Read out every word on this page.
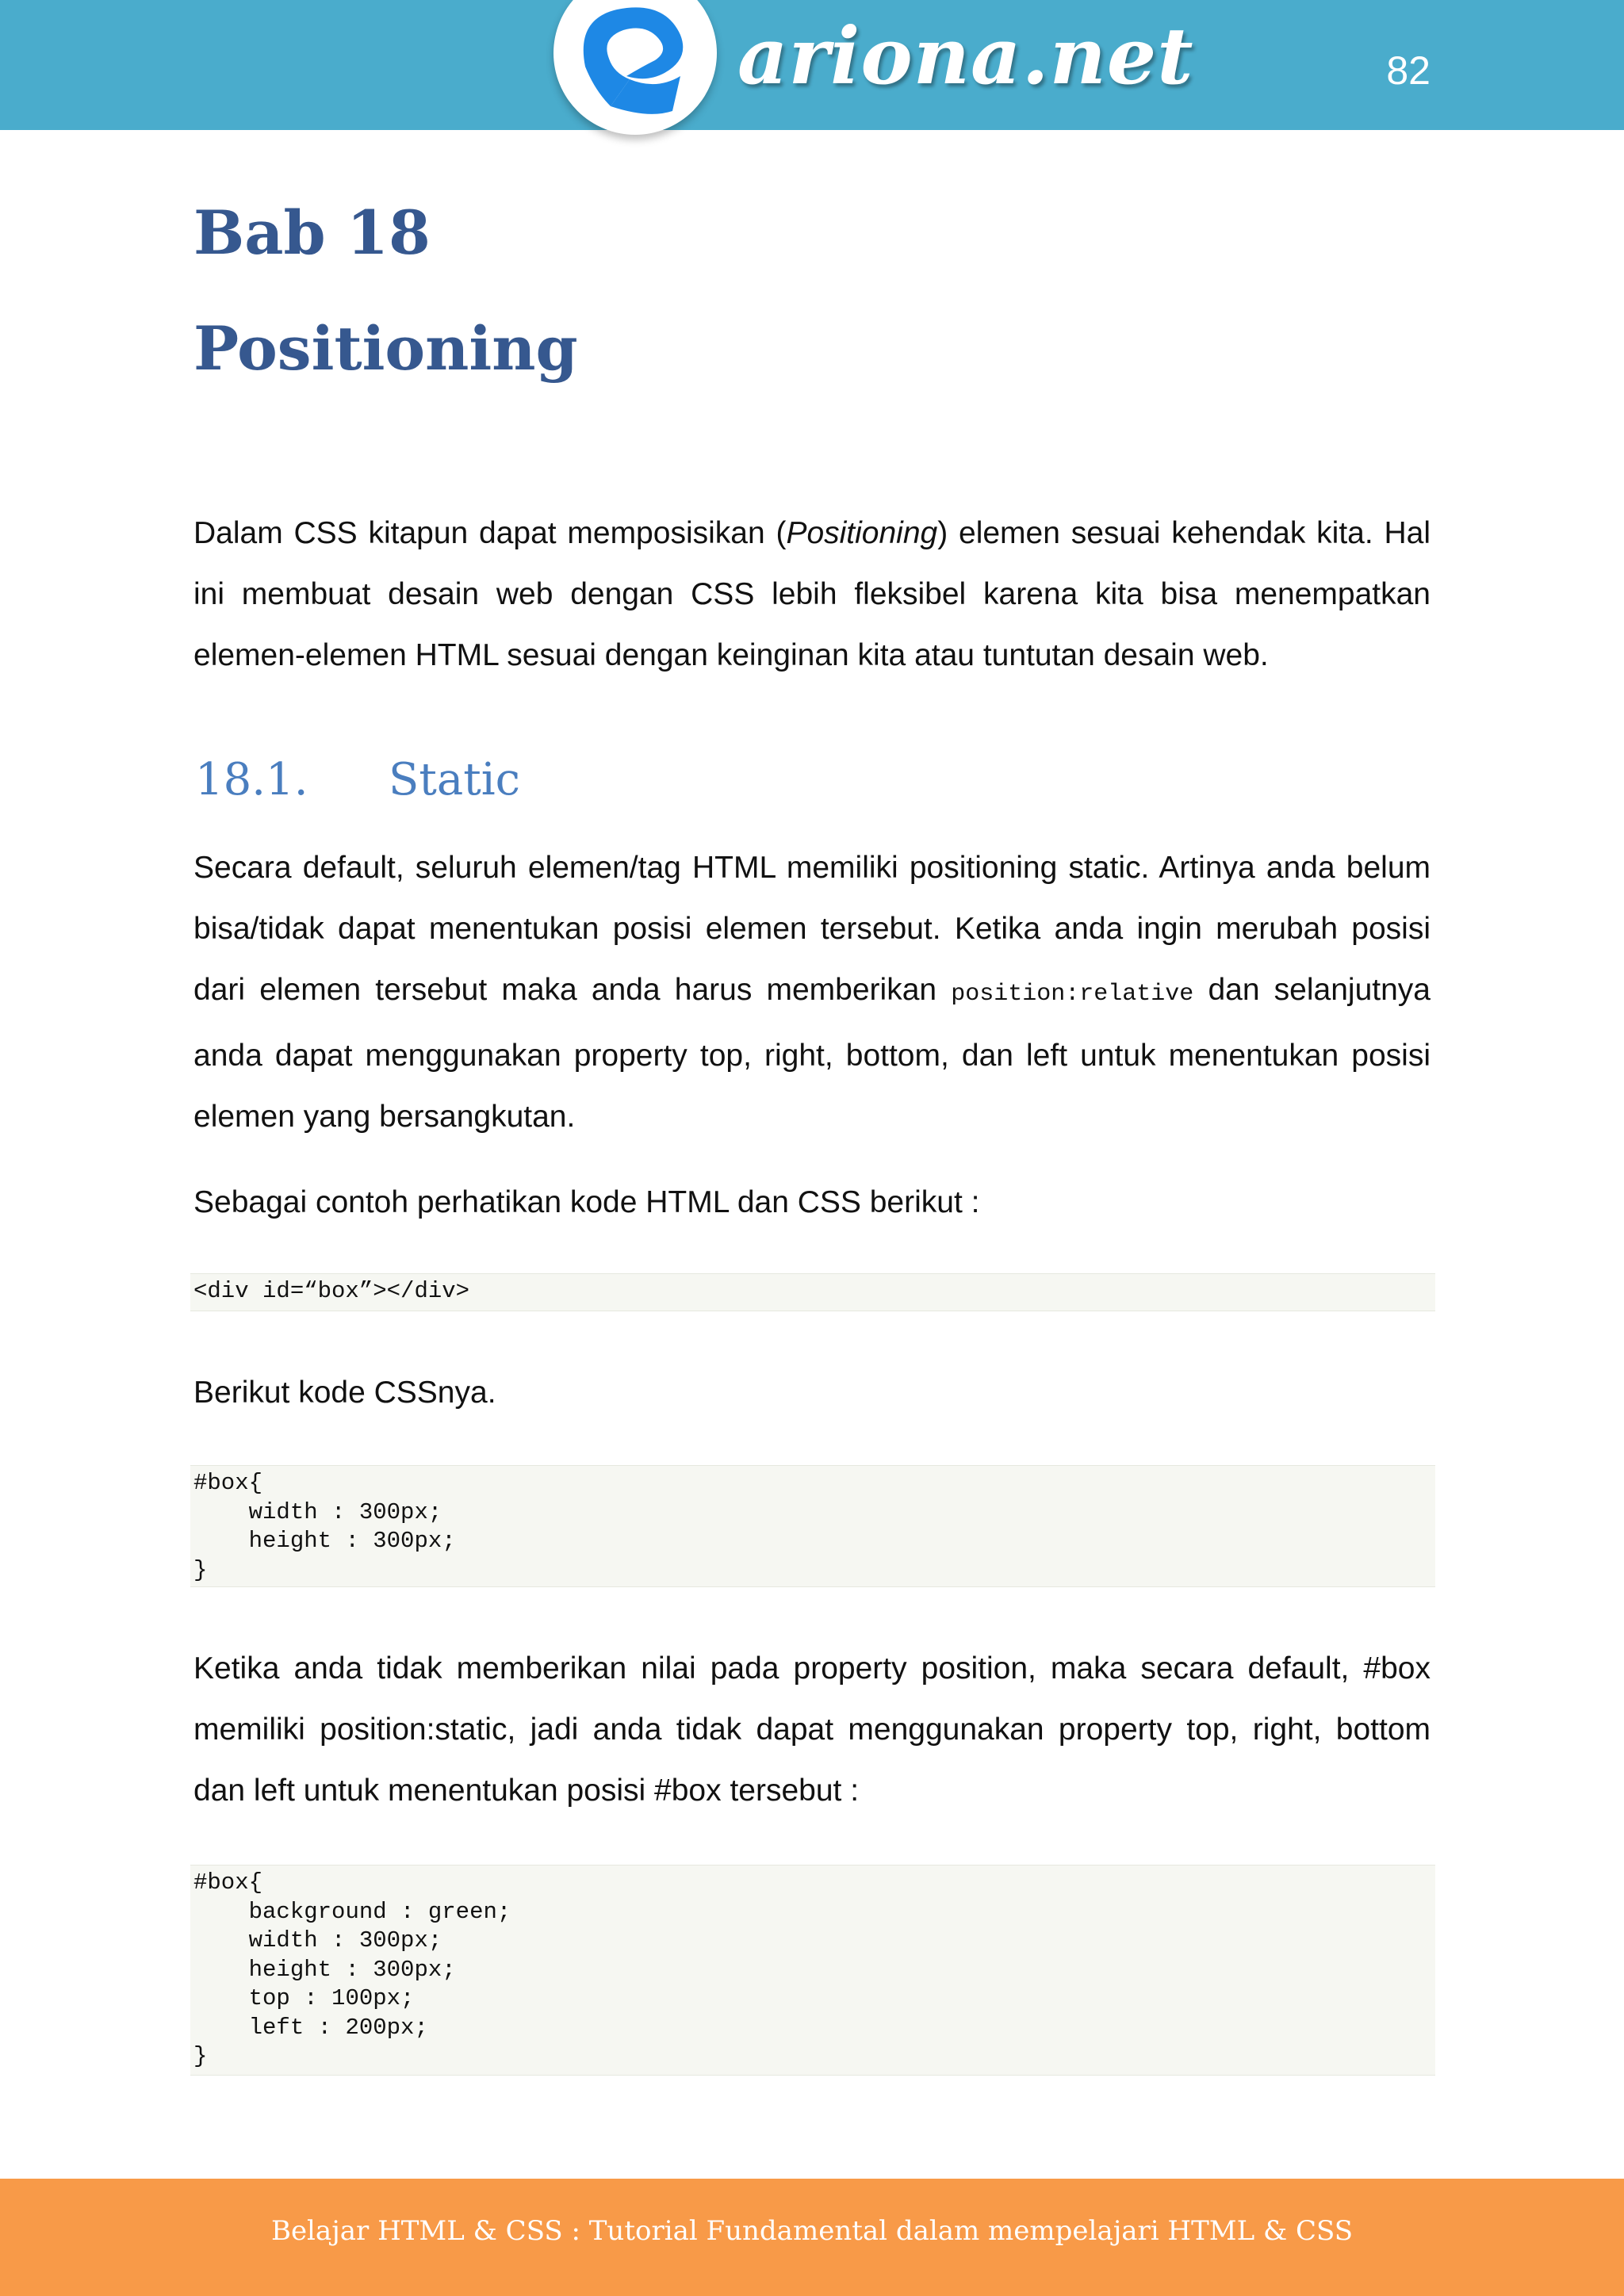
ariona.net	82
Bab 18
Positioning

Dalam CSS kitapun dapat memposisikan (Positioning) elemen sesuai kehendak kita. Hal ini membuat desain web dengan CSS lebih fleksibel karena kita bisa menempatkan elemen-elemen HTML sesuai dengan keinginan kita atau tuntutan desain web.

18.1. Static

Secara default, seluruh elemen/tag HTML memiliki positioning static. Artinya anda belum bisa/tidak dapat menentukan posisi elemen tersebut. Ketika anda ingin merubah posisi dari elemen tersebut maka anda harus memberikan position:relative dan selanjutnya anda dapat menggunakan property top, right, bottom, dan left untuk menentukan posisi elemen yang bersangkutan.

Sebagai contoh perhatikan kode HTML dan CSS berikut :
<div id=“box”></div>
Berikut kode CSSnya.
#box{
	width : 300px;
	height : 300px;
}
Ketika anda tidak memberikan nilai pada property position, maka secara default, #box memiliki position:static, jadi anda tidak dapat menggunakan property top, right, bottom dan left untuk menentukan posisi #box tersebut :
#box{
	background : green;
	width : 300px;
	height : 300px;
	top : 100px;
	left : 200px;
}
Belajar HTML & CSS : Tutorial Fundamental dalam mempelajari HTML & CSS
